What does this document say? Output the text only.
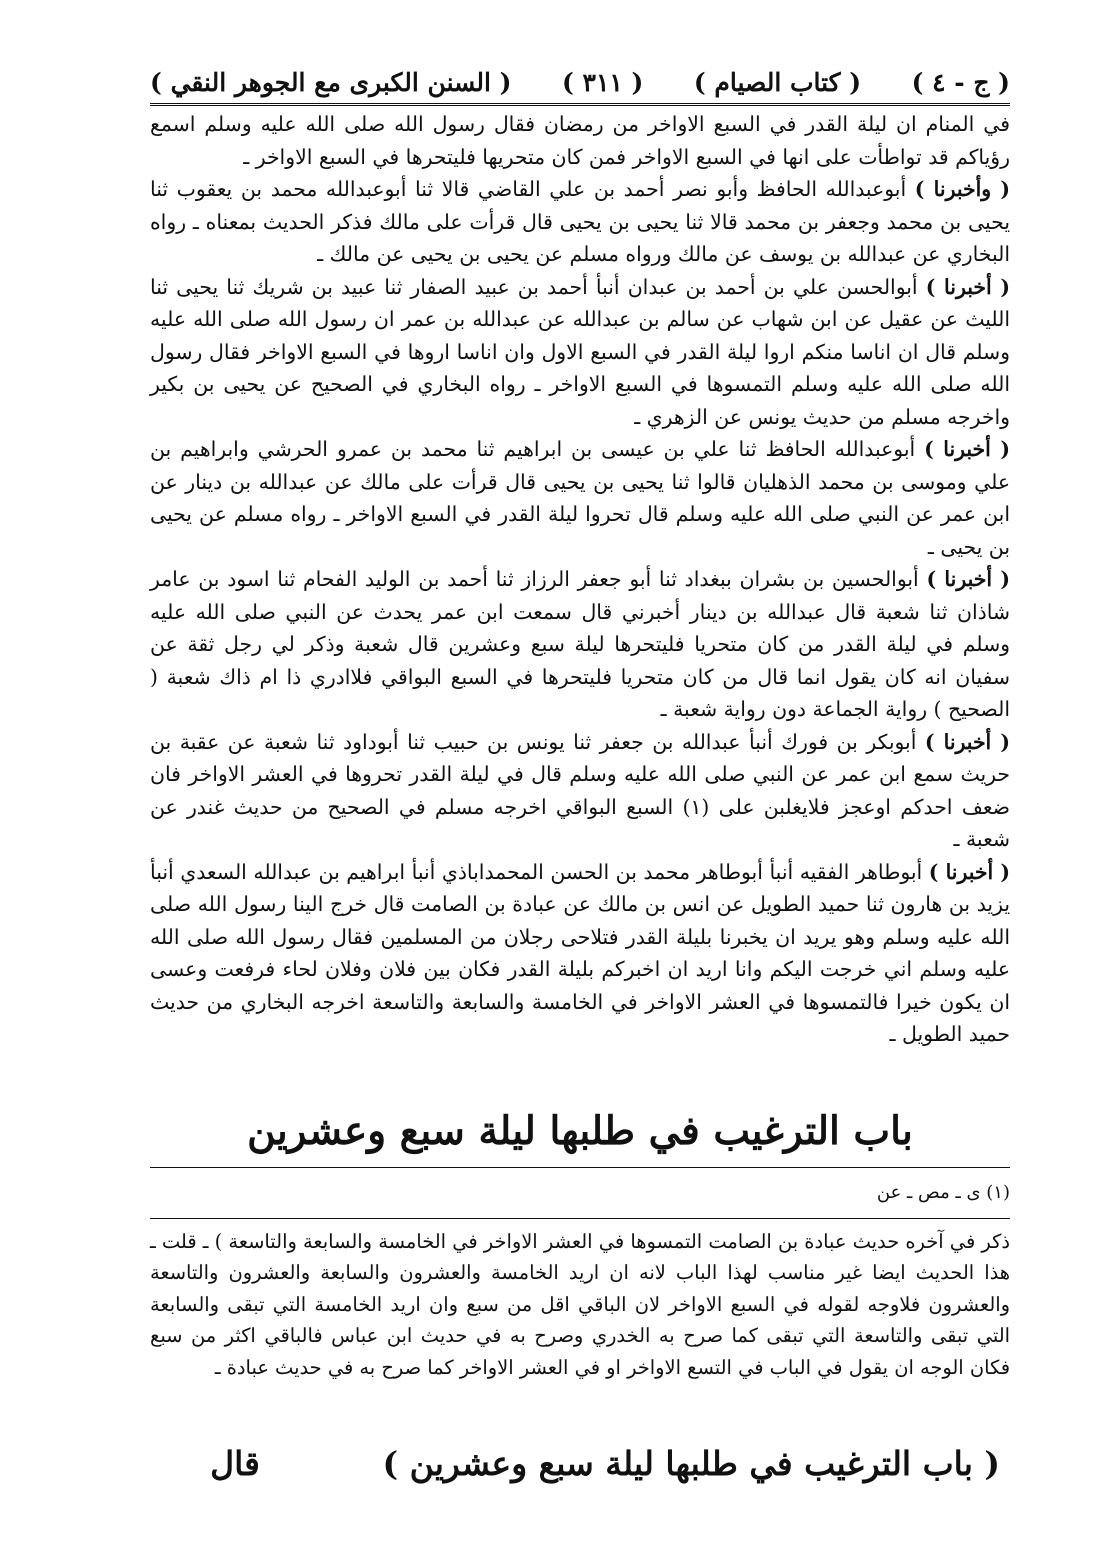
( السنن الكبرى مع الجوهر النقي ) ( ٣١١ ) ( كتاب الصيام ) ( ج - ٤ )

في المنام ان ليلة القدر في السبع الاواخر من رمضان فقال رسول الله صلى الله عليه وسلم اسمع رؤياكم قد تواطأت على انها في السبع الاواخر فمن كان متحريها فليتحرها في السبع الاواخر ـ

( وأخبرنا ) أبوعبدالله الحافظ وأبو نصر أحمد بن علي القاضي قالا ثنا أبوعبدالله محمد بن يعقوب ثنا يحيى بن محمد وجعفر بن محمد قالا ثنا يحيى بن يحيى قال قرأت على مالك فذكر الحديث بمعناه ـ رواه البخاري عن عبدالله بن يوسف عن مالك ورواه مسلم عن يحيى بن يحيى عن مالك ـ

( أخبرنا ) أبوالحسن علي بن أحمد بن عبدان أنبأ أحمد بن عبيد الصفار ثنا عبيد بن شريك ثنا يحيى ثنا الليث عن عقيل عن ابن شهاب عن سالم بن عبدالله عن عبدالله بن عمر ان رسول الله صلى الله عليه وسلم قال ان اناسا منكم اروا ليلة القدر في السبع الاول وان اناسا اروها في السبع الاواخر فقال رسول الله صلى الله عليه وسلم التمسوها في السبع الاواخر ـ رواه البخاري في الصحيح عن يحيى بن بكير واخرجه مسلم من حديث يونس عن الزهري ـ

( أخبرنا ) أبوعبدالله الحافظ ثنا علي بن عيسى بن ابراهيم ثنا محمد بن عمرو الحرشي وابراهيم بن علي وموسى بن محمد الذهليان قالوا ثنا يحيى بن يحيى قال قرأت على مالك عن عبدالله بن دينار عن ابن عمر عن النبي صلى الله عليه وسلم قال تحروا ليلة القدر في السبع الاواخر ـ رواه مسلم عن يحيى بن يحيى ـ

( أخبرنا ) أبوالحسين بن بشران ببغداد ثنا أبو جعفر الرزاز ثنا أحمد بن الوليد الفحام ثنا اسود بن عامر شاذان ثنا شعبة قال عبدالله بن دينار أخبرني قال سمعت ابن عمر يحدث عن النبي صلى الله عليه وسلم في ليلة القدر من كان متحريا فليتحرها ليلة سبع وعشرين قال شعبة وذكر لي رجل ثقة عن سفيان انه كان يقول انما قال من كان متحريا فليتحرها في السبع البواقي فلاادري ذا ام ذاك شعبة ( الصحيح ) رواية الجماعة دون رواية شعبة ـ

( أخبرنا ) أبوبكر بن فورك أنبأ عبدالله بن جعفر ثنا يونس بن حبيب ثنا أبوداود ثنا شعبة عن عقبة بن حريث سمع ابن عمر عن النبي صلى الله عليه وسلم قال في ليلة القدر تحروها في العشر الاواخر فان ضعف احدكم اوعجز فلايغلبن على (١) السبع البواقي اخرجه مسلم في الصحيح من حديث غندر عن شعبة ـ

( أخبرنا ) أبوطاهر الفقيه أنبأ أبوطاهر محمد بن الحسن المحمداباذي أنبأ ابراهيم بن عبدالله السعدي أنبأ يزيد بن هارون ثنا حميد الطويل عن انس بن مالك عن عبادة بن الصامت قال خرج الينا رسول الله صلى الله عليه وسلم وهو يريد ان يخبرنا بليلة القدر فتلاحى رجلان من المسلمين فقال رسول الله صلى الله عليه وسلم اني خرجت اليكم وانا اريد ان اخبركم بليلة القدر فكان بين فلان وفلان لحاء فرفعت وعسى ان يكون خيرا فالتمسوها في العشر الاواخر في الخامسة والسابعة والتاسعة اخرجه البخاري من حديث حميد الطويل ـ

باب الترغيب في طلبها ليلة سبع وعشرين
(١) ى ـ مص ـ عن
ذكر في آخره حديث عبادة بن الصامت التمسوها في العشر الاواخر في الخامسة والسابعة والتاسعة ) ـ قلت ـ هذا الحديث ايضا غير مناسب لهذا الباب لانه ان اريد الخامسة والعشرون والسابعة والعشرون والتاسعة والعشرون فلاوجه لقوله في السبع الاواخر لان الباقي اقل من سبع وان اريد الخامسة التي تبقى والسابعة التي تبقى والتاسعة التي تبقى كما صرح به الخدري وصرح به في حديث ابن عباس فالباقي اكثر من سبع فكان الوجه ان يقول في الباب في التسع الاواخر او في العشر الاواخر كما صرح به في حديث عبادة ـ
( باب الترغيب في طلبها ليلة سبع وعشرين )
قال
